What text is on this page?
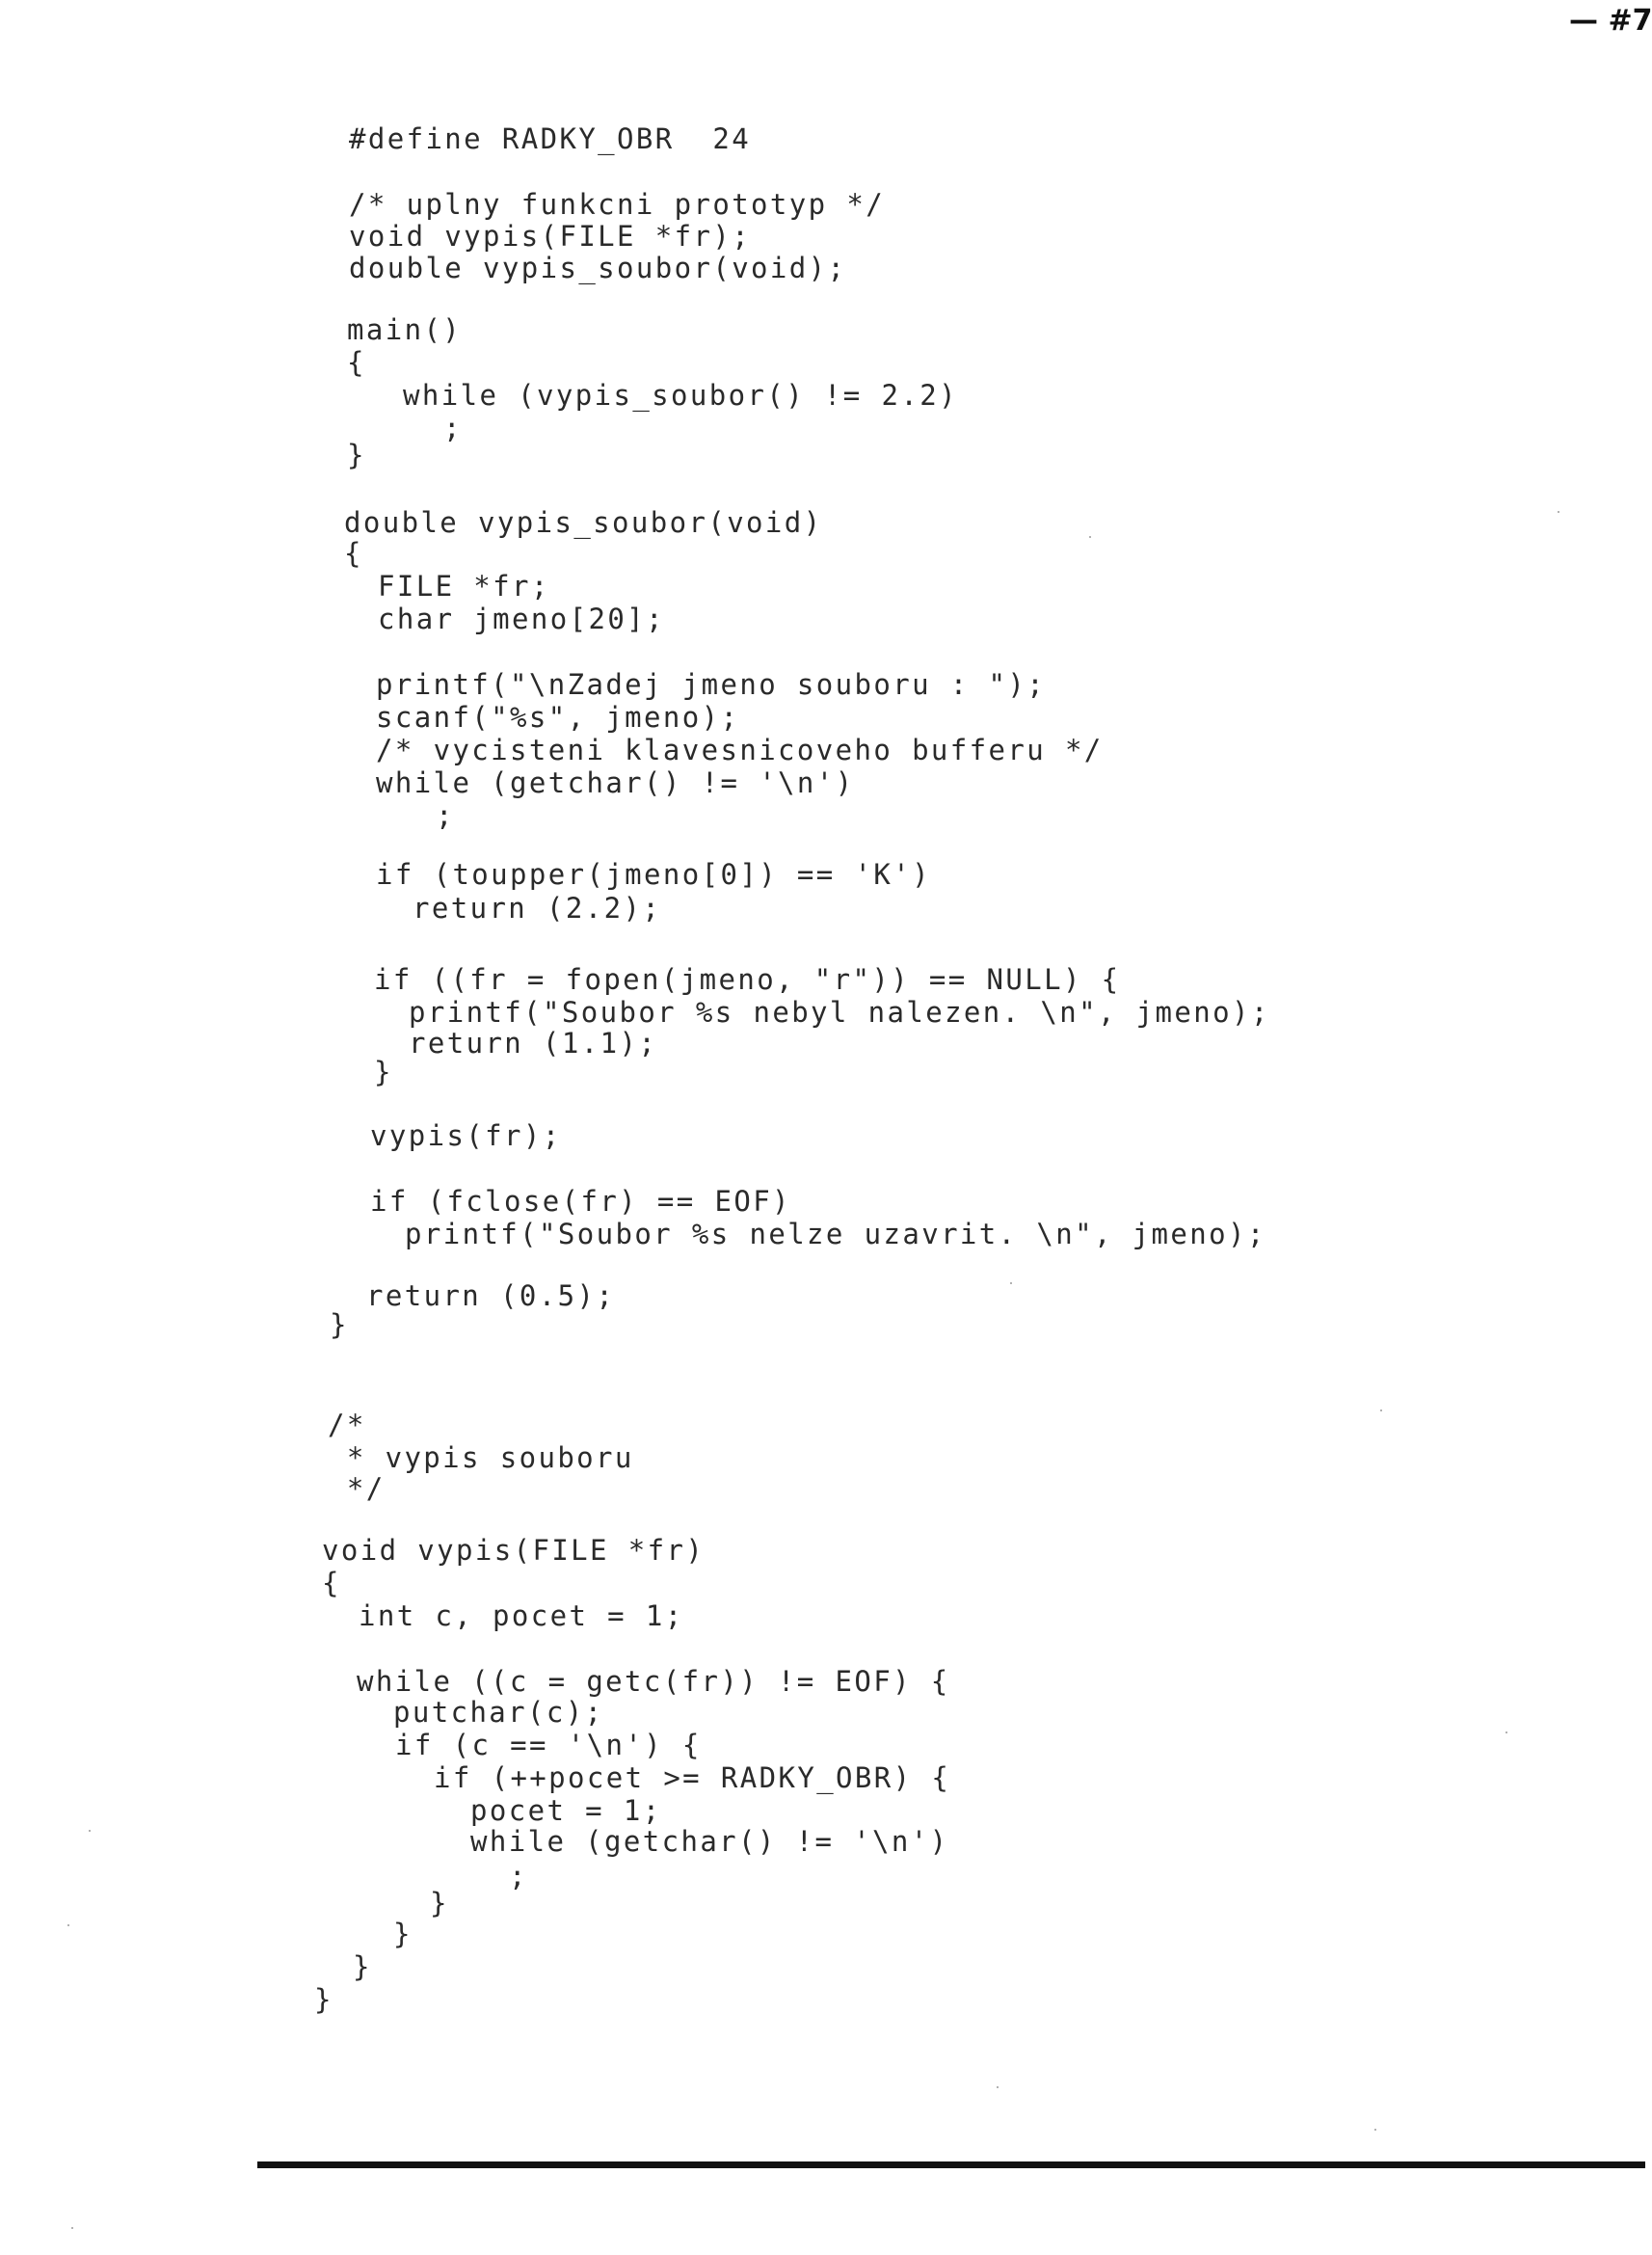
— #7
#define RADKY_OBR  24
/* uplny funkcni prototyp */
void vypis(FILE *fr);
double vypis_soubor(void);
main()
{
while (vypis_soubor() != 2.2)
;
}
double vypis_soubor(void)
{
FILE *fr;
char jmeno[20];
printf("\nZadej jmeno souboru : ");
scanf("%s", jmeno);
/* vycisteni klavesnicoveho bufferu */
while (getchar() != '\n')
;
if (toupper(jmeno[0]) == 'K')
return (2.2);
if ((fr = fopen(jmeno, "r")) == NULL) {
printf("Soubor %s nebyl nalezen. \n", jmeno);
return (1.1);
}
vypis(fr);
if (fclose(fr) == EOF)
printf("Soubor %s nelze uzavrit. \n", jmeno);
return (0.5);
}
/*
* vypis souboru
*/
void vypis(FILE *fr)
{
int c, pocet = 1;
while ((c = getc(fr)) != EOF) {
putchar(c);
if (c == '\n') {
if (++pocet >= RADKY_OBR) {
pocet = 1;
while (getchar() != '\n')
;
}
}
}
}
